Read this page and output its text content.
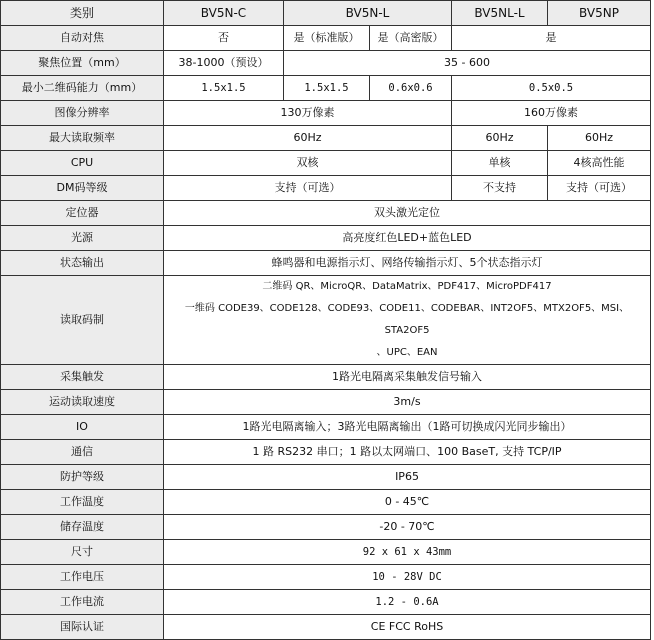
类别	BV5N-C	BV5N-L		BV5NL-L	BV5NP
自动对焦	否	是（标准版）	是（高密版）	是	
聚焦位置（mm）	38-1000（预设）	35 - 600			
最小二维码能力（mm）	1.5x1.5	1.5x1.5	0.6x0.6	0.5x0.5	
图像分辨率	130万像素			160万像素	
最大读取频率	60Hz			60Hz	60Hz
CPU	双核			单核	4核高性能
DM码等级	支持（可选）			不支持	支持（可选）
定位器	双头激光定位				
光源	高亮度红色LED+蓝色LED				
状态输出	蜂鸣器和电源指示灯、网络传输指示灯、5个状态指示灯				
读取码制	二维码 QR、MicroQR、DataMatrix、PDF417、MicroPDF417
一维码 CODE39、CODE128、CODE93、CODE11、CODEBAR、INT2OF5、MTX2OF5、MSI、STA2OF5
、UPC、EAN				

采集触发	1路光电隔离采集触发信号输入				
运动读取速度	3m/s				
IO	1路光电隔离输入；3路光电隔离输出（1路可切换成闪光同步输出）				
通信	1 路 RS232 串口；1 路以太网端口、100 BaseT, 支持 TCP/IP				
防护等级	IP65				
工作温度	0 - 45℃				
储存温度	-20 - 70℃				
尺寸	92 x 61 x 43mm				
工作电压	10 - 28V DC				
工作电流	1.2 - 0.6A				
国际认证	CE FCC RoHS				
